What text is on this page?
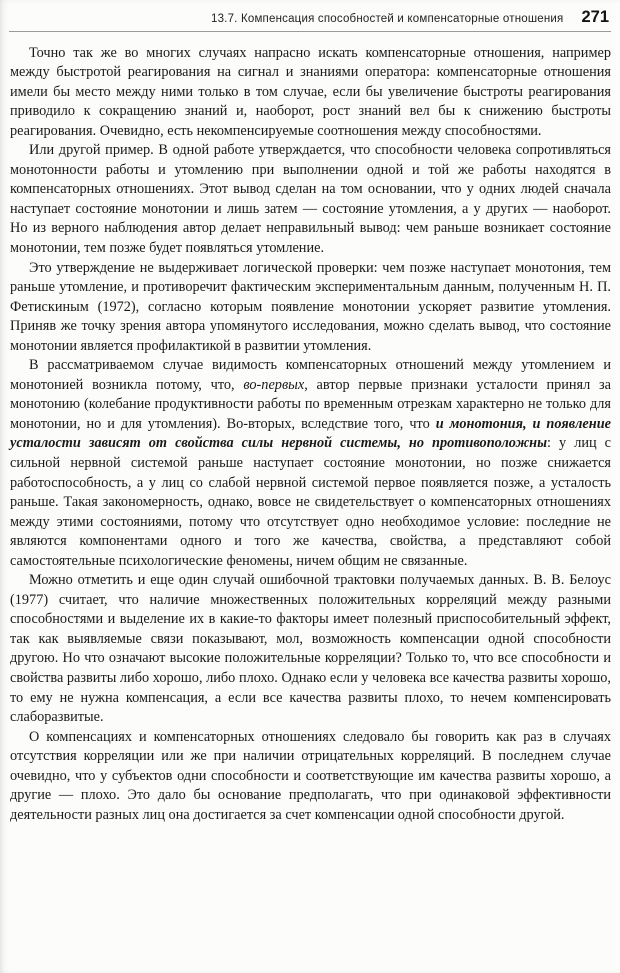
13.7. Компенсация способностей и компенсаторные отношения 271

Точно так же во многих случаях напрасно искать компенсаторные отношения, например между быстротой реагирования на сигнал и знаниями оператора: компенсаторные отношения имели бы место между ними только в том случае, если бы увеличение быстроты реагирования приводило к сокращению знаний и, наоборот, рост знаний вел бы к снижению быстроты реагирования. Очевидно, есть некомпенсируемые соотношения между способностями.

Или другой пример. В одной работе утверждается, что способности человека сопротивляться монотонности работы и утомлению при выполнении одной и той же работы находятся в компенсаторных отношениях. Этот вывод сделан на том основании, что у одних людей сначала наступает состояние монотонии и лишь затем — состояние утомления, а у других — наоборот. Но из верного наблюдения автор делает неправильный вывод: чем раньше возникает состояние монотонии, тем позже будет появляться утомление.

Это утверждение не выдерживает логической проверки: чем позже наступает монотония, тем раньше утомление, и противоречит фактическим экспериментальным данным, полученным Н. П. Фетискиным (1972), согласно которым появление монотонии ускоряет развитие утомления. Приняв же точку зрения автора упомянутого исследования, можно сделать вывод, что состояние монотонии является профилактикой в развитии утомления.

В рассматриваемом случае видимость компенсаторных отношений между утомлением и монотонией возникла потому, что, во-первых, автор первые признаки усталости принял за монотонию (колебание продуктивности работы по временным отрезкам характерно не только для монотонии, но и для утомления). Во-вторых, вследствие того, что и монотония, и появление усталости зависят от свойства силы нервной системы, но противоположны: у лиц с сильной нервной системой раньше наступает состояние монотонии, но позже снижается работоспособность, а у лиц со слабой нервной системой первое появляется позже, а усталость раньше. Такая закономерность, однако, вовсе не свидетельствует о компенсаторных отношениях между этими состояниями, потому что отсутствует одно необходимое условие: последние не являются компонентами одного и того же качества, свойства, а представляют собой самостоятельные психологические феномены, ничем общим не связанные.

Можно отметить и еще один случай ошибочной трактовки получаемых данных. В. В. Белоус (1977) считает, что наличие множественных положительных корреляций между разными способностями и выделение их в какие-то факторы имеет полезный приспособительный эффект, так как выявляемые связи показывают, мол, возможность компенсации одной способности другою. Но что означают высокие положительные корреляции? Только то, что все способности и свойства развиты либо хорошо, либо плохо. Однако если у человека все качества развиты хорошо, то ему не нужна компенсация, а если все качества развиты плохо, то нечем компенсировать слаборазвитые.

О компенсациях и компенсаторных отношениях следовало бы говорить как раз в случаях отсутствия корреляции или же при наличии отрицательных корреляций. В последнем случае очевидно, что у субъектов одни способности и соответствующие им качества развиты хорошо, а другие — плохо. Это дало бы основание предполагать, что при одинаковой эффективности деятельности разных лиц она достигается за счет компенсации одной способности другой.
